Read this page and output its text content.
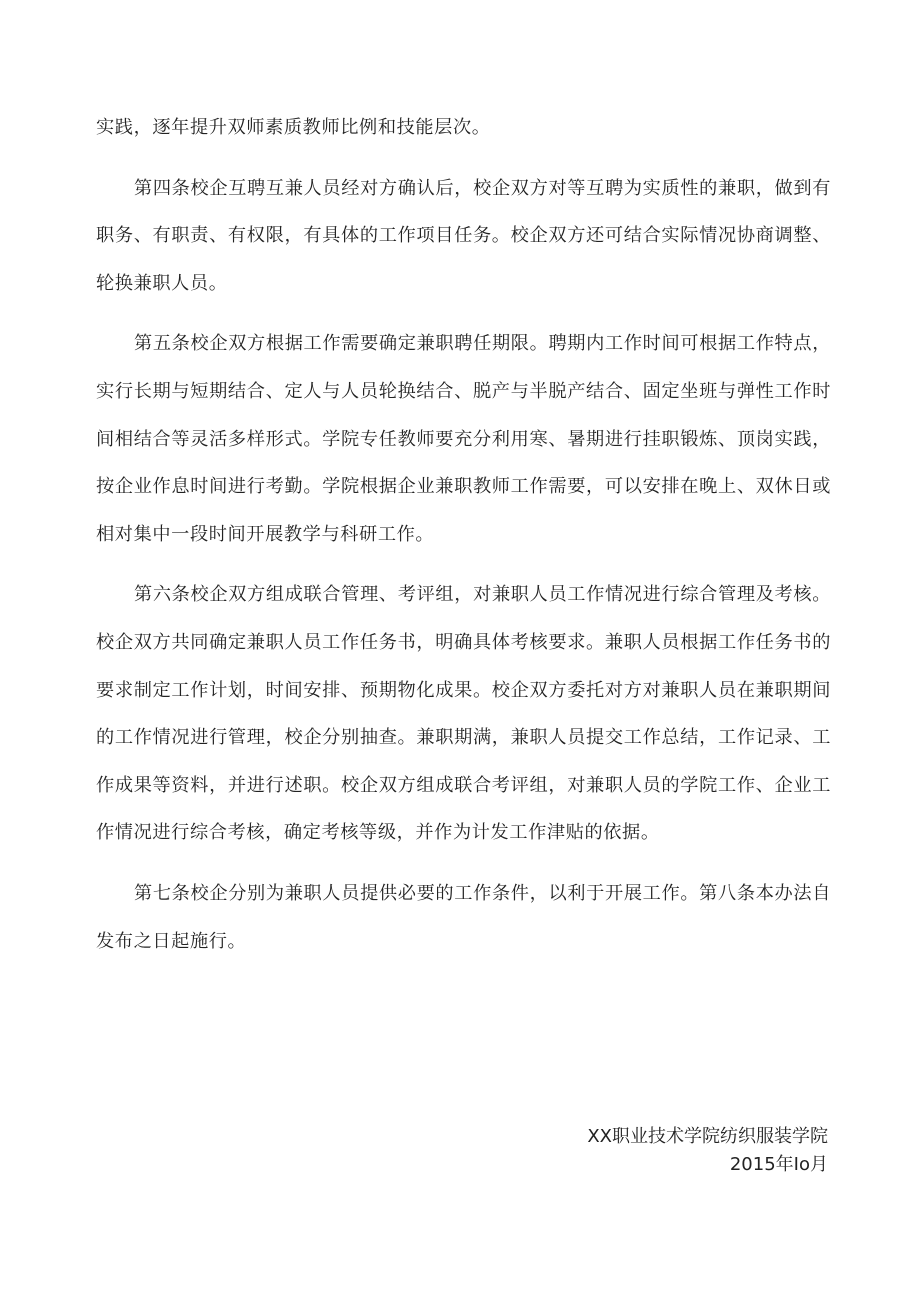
实践，逐年提升双师素质教师比例和技能层次。

第四条校企互聘互兼人员经对方确认后，校企双方对等互聘为实质性的兼职，做到有职务、有职责、有权限，有具体的工作项目任务。校企双方还可结合实际情况协商调整、轮换兼职人员。

第五条校企双方根据工作需要确定兼职聘任期限。聘期内工作时间可根据工作特点，实行长期与短期结合、定人与人员轮换结合、脱产与半脱产结合、固定坐班与弹性工作时间相结合等灵活多样形式。学院专任教师要充分利用寒、暑期进行挂职锻炼、顶岗实践，按企业作息时间进行考勤。学院根据企业兼职教师工作需要，可以安排在晚上、双休日或相对集中一段时间开展教学与科研工作。

第六条校企双方组成联合管理、考评组，对兼职人员工作情况进行综合管理及考核。校企双方共同确定兼职人员工作任务书，明确具体考核要求。兼职人员根据工作任务书的要求制定工作计划，时间安排、预期物化成果。校企双方委托对方对兼职人员在兼职期间的工作情况进行管理，校企分别抽查。兼职期满，兼职人员提交工作总结，工作记录、工作成果等资料，并进行述职。校企双方组成联合考评组，对兼职人员的学院工作、企业工作情况进行综合考核，确定考核等级，并作为计发工作津贴的依据。

第七条校企分别为兼职人员提供必要的工作条件，以利于开展工作。第八条本办法自发布之日起施行。

XX职业技术学院纺织服装学院
2015年Io月
